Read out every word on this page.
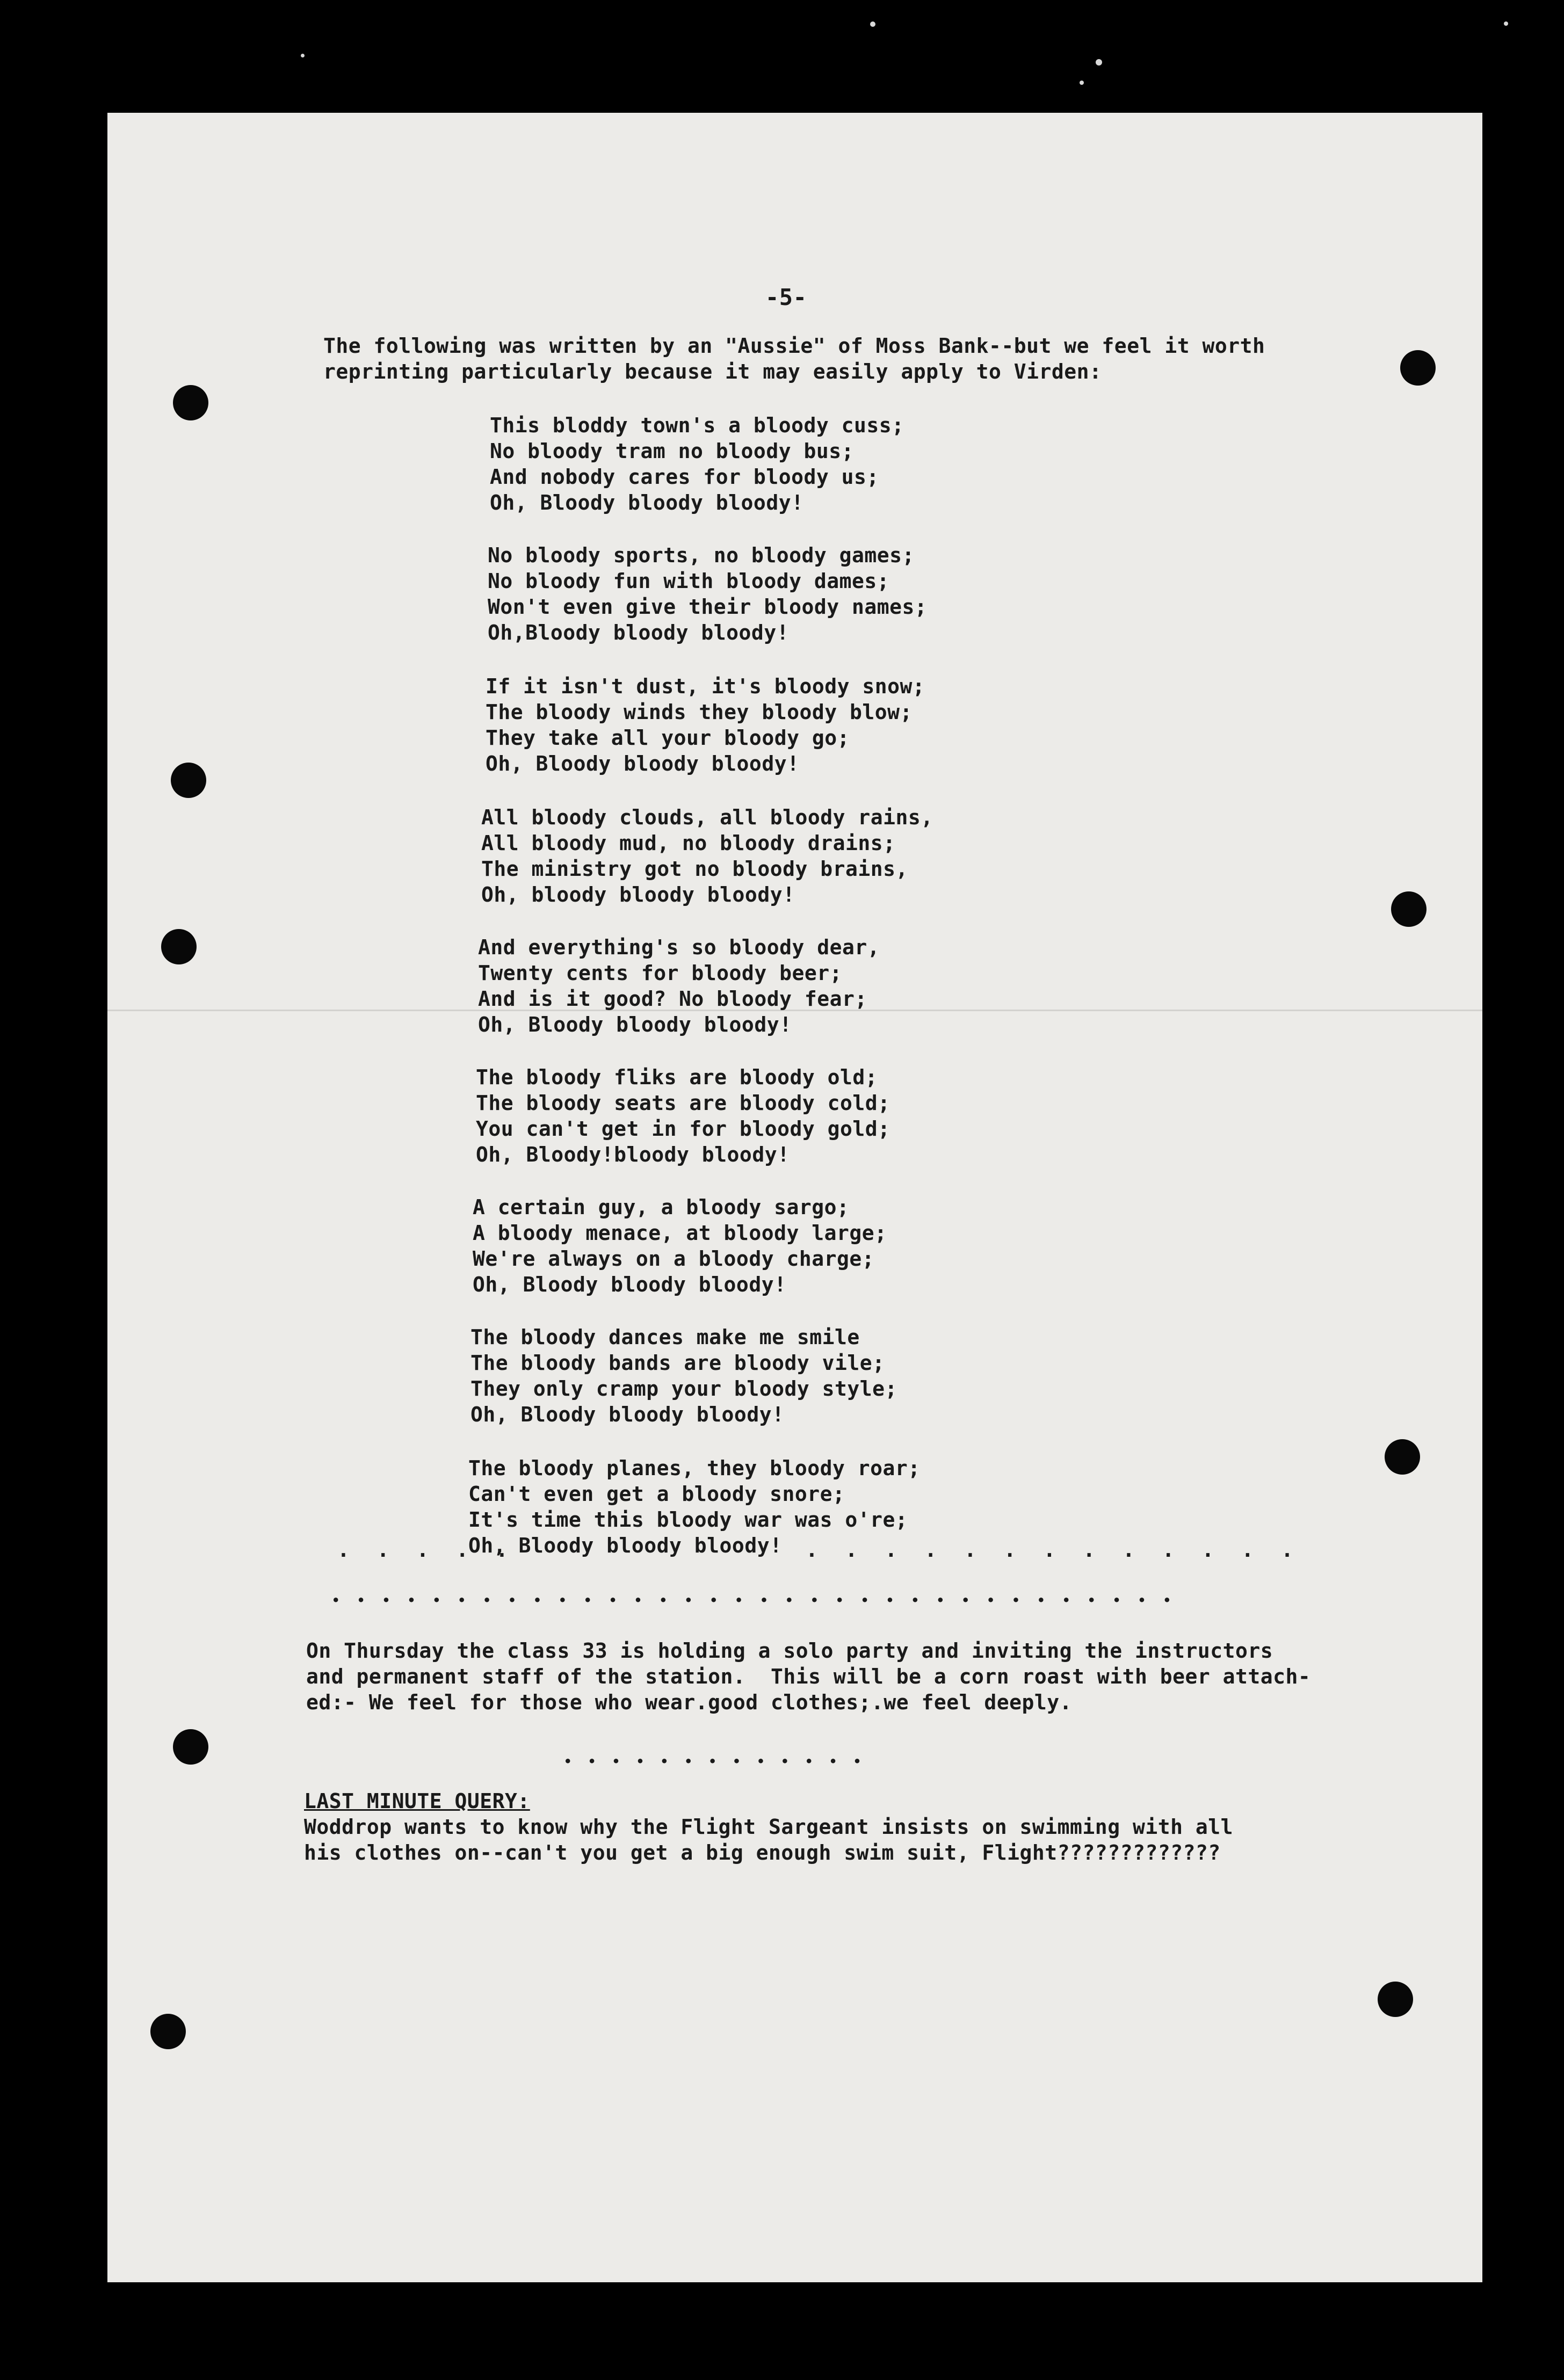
-5-
The following was written by an "Aussie" of Moss Bank--but we feel it worth
reprinting particularly because it may easily apply to Virden:
This bloddy town's a bloody cuss;
No bloody tram no bloody bus;
And nobody cares for bloody us;
Oh, Bloody bloody bloody!
No bloody sports, no bloody games;
No bloody fun with bloody dames;
Won't even give their bloody names;
Oh,Bloody bloody bloody!
If it isn't dust, it's bloody snow;
The bloody winds they bloody blow;
They take all your bloody go;
Oh, Bloody bloody bloody!
All bloody clouds, all bloody rains,
All bloody mud, no bloody drains;
The ministry got no bloody brains,
Oh, bloody bloody bloody!
And everything's so bloody dear,
Twenty cents for bloody beer;
And is it good? No bloody fear;
Oh, Bloody bloody bloody!
The bloody fliks are bloody old;
The bloody seats are bloody cold;
You can't get in for bloody gold;
Oh, Bloody!bloody bloody!
A certain guy, a bloody sargo;
A bloody menace, at bloody large;
We're always on a bloody charge;
Oh, Bloody bloody bloody!
The bloody dances make me smile
The bloody bands are bloody vile;
They only cramp your bloody style;
Oh, Bloody bloody bloody!
The bloody planes, they bloody roar;
Can't even get a bloody snore;
It's time this bloody war was o're;
Oh, Bloody bloody bloody!
. . . . .	. . . . . . . . . . . . .
• • • • • • • • • • • • • • • • • • • • • • • • • • • • • • • • • •
On Thursday the class 33 is holding a solo party and inviting the instructors
and permanent staff of the station.  This will be a corn roast with beer attach-
ed:- We feel for those who wear.good clothes;.we feel deeply.
• • • • • • • • • • • • •
LAST MINUTE QUERY:
Woddrop wants to know why the Flight Sargeant insists on swimming with all
his clothes on--can't you get a big enough swim suit, Flight?????????????
